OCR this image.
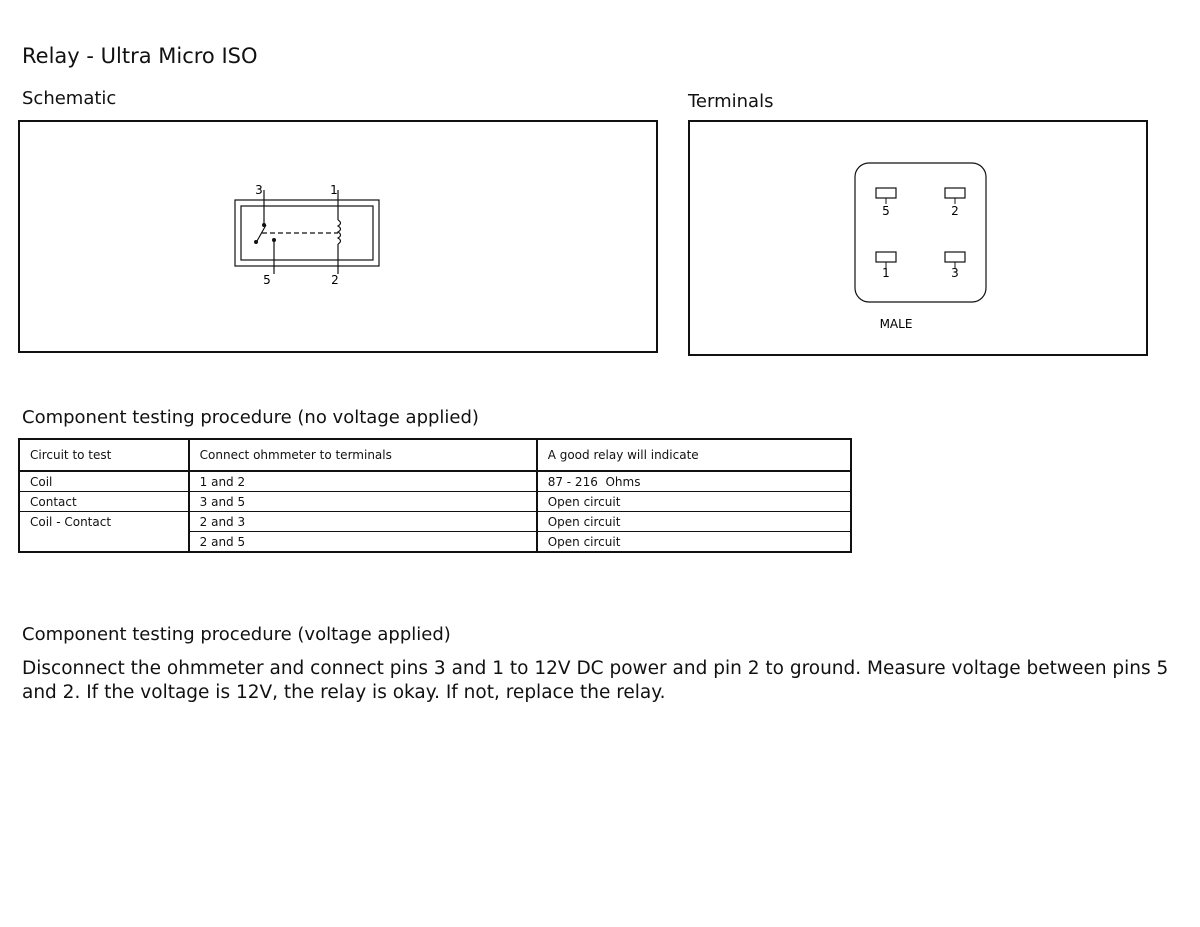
Relay - Ultra Micro ISO
Schematic
3	1
5	2
Terminals
5	2
1	3
MALE
Component testing procedure (no voltage applied)
Circuit to test	Connect ohmmeter to terminals	A good relay will indicate
Coil	1 and 2	87 - 216  Ohms
Contact	3 and 5	Open circuit
Coil - Contact	2 and 3	Open circuit
	2 and 5	Open circuit
Component testing procedure (voltage applied)
Disconnect the ohmmeter and connect pins 3 and 1 to 12V DC power and pin 2 to ground. Measure voltage between pins 5 and 2. If the voltage is 12V, the relay is okay. If not, replace the relay.
